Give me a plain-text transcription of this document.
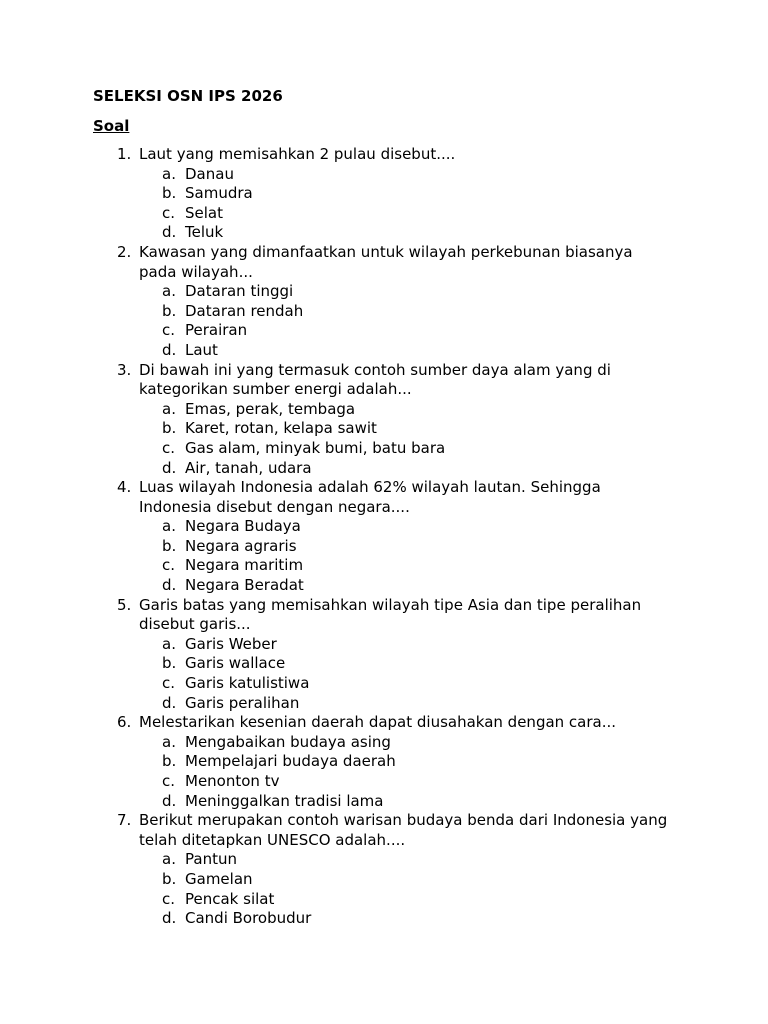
SELEKSI OSN IPS 2026
Soal
1. Laut yang memisahkan 2 pulau disebut....
a. Danau
b. Samudra
c. Selat
d. Teluk
2. Kawasan yang dimanfaatkan untuk wilayah perkebunan biasanya pada wilayah...
a. Dataran tinggi
b. Dataran rendah
c. Perairan
d. Laut
3. Di bawah ini yang termasuk contoh sumber daya alam yang di kategorikan sumber energi adalah...
a. Emas, perak, tembaga
b. Karet, rotan, kelapa sawit
c. Gas alam, minyak bumi, batu bara
d. Air, tanah, udara
4. Luas wilayah Indonesia adalah 62% wilayah lautan. Sehingga Indonesia disebut dengan negara....
a. Negara Budaya
b. Negara agraris
c. Negara maritim
d. Negara Beradat
5. Garis batas yang memisahkan wilayah tipe Asia dan tipe peralihan disebut garis...
a. Garis Weber
b. Garis wallace
c. Garis katulistiwa
d. Garis peralihan
6. Melestarikan kesenian daerah dapat diusahakan dengan cara...
a. Mengabaikan budaya asing
b. Mempelajari budaya daerah
c. Menonton tv
d. Meninggalkan tradisi lama
7. Berikut merupakan contoh warisan budaya benda dari Indonesia yang telah ditetapkan UNESCO adalah....
a. Pantun
b. Gamelan
c. Pencak silat
d. Candi Borobudur
